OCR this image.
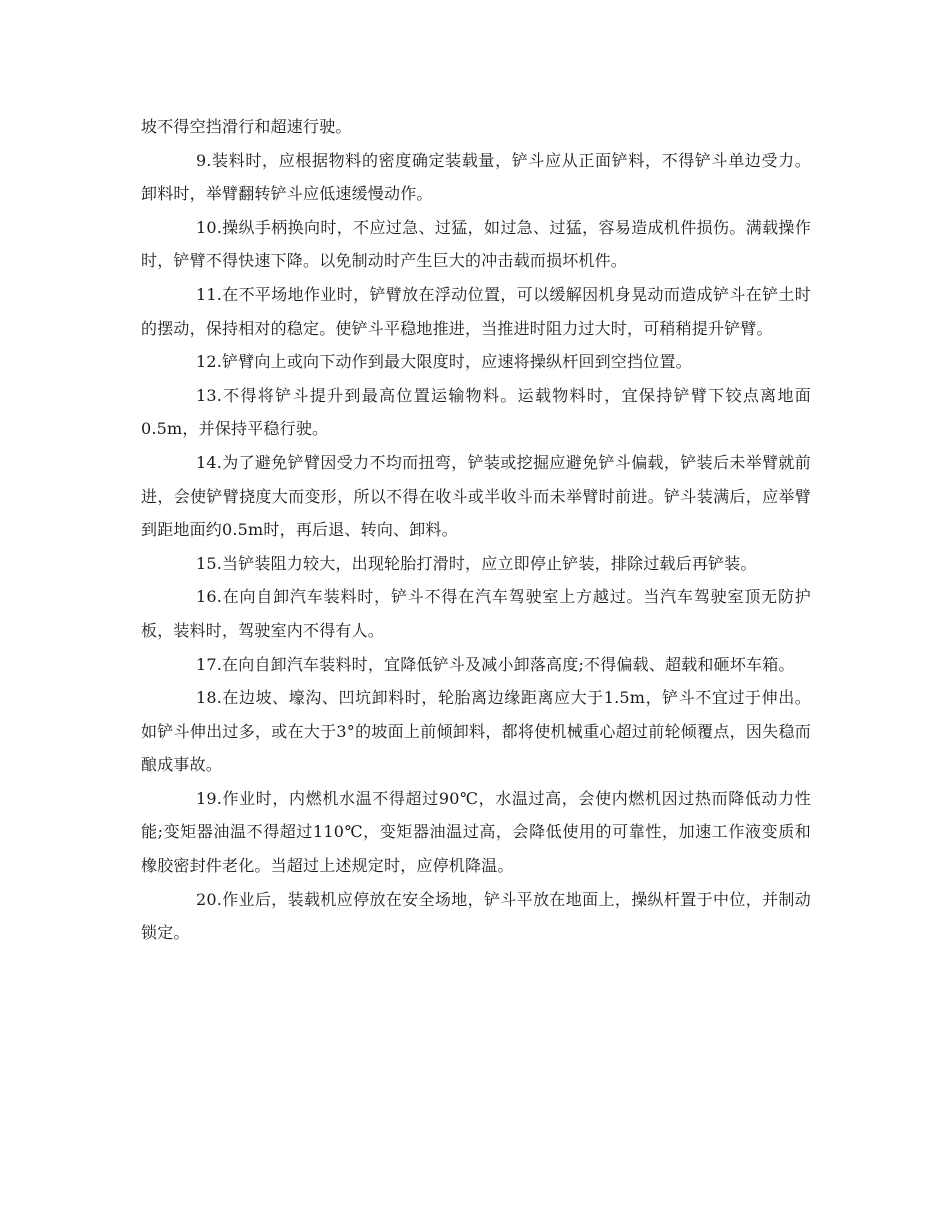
坡不得空挡滑行和超速行驶。

9.装料时，应根据物料的密度确定装载量，铲斗应从正面铲料，不得铲斗单边受力。卸料时，举臂翻转铲斗应低速缓慢动作。

10.操纵手柄换向时，不应过急、过猛，如过急、过猛，容易造成机件损伤。满载操作时，铲臂不得快速下降。以免制动时产生巨大的冲击载而损坏机件。

11.在不平场地作业时，铲臂放在浮动位置，可以缓解因机身晃动而造成铲斗在铲土时的摆动，保持相对的稳定。使铲斗平稳地推进，当推进时阻力过大时，可稍稍提升铲臂。

12.铲臂向上或向下动作到最大限度时，应速将操纵杆回到空挡位置。

13.不得将铲斗提升到最高位置运输物料。运载物料时，宜保持铲臂下铰点离地面0.5m，并保持平稳行驶。

14.为了避免铲臂因受力不均而扭弯，铲装或挖掘应避免铲斗偏载，铲装后未举臂就前进，会使铲臂挠度大而变形，所以不得在收斗或半收斗而未举臂时前进。铲斗装满后，应举臂到距地面约0.5m时，再后退、转向、卸料。

15.当铲装阻力较大，出现轮胎打滑时，应立即停止铲装，排除过载后再铲装。

16.在向自卸汽车装料时，铲斗不得在汽车驾驶室上方越过。当汽车驾驶室顶无防护板，装料时，驾驶室内不得有人。

17.在向自卸汽车装料时，宜降低铲斗及减小卸落高度;不得偏载、超载和砸坏车箱。

18.在边坡、壕沟、凹坑卸料时，轮胎离边缘距离应大于1.5m，铲斗不宜过于伸出。如铲斗伸出过多，或在大于3°的坡面上前倾卸料，都将使机械重心超过前轮倾覆点，因失稳而酿成事故。

19.作业时，内燃机水温不得超过90℃，水温过高，会使内燃机因过热而降低动力性能;变矩器油温不得超过110℃，变矩器油温过高，会降低使用的可靠性，加速工作液变质和橡胶密封件老化。当超过上述规定时，应停机降温。

20.作业后，装载机应停放在安全场地，铲斗平放在地面上，操纵杆置于中位，并制动锁定。
